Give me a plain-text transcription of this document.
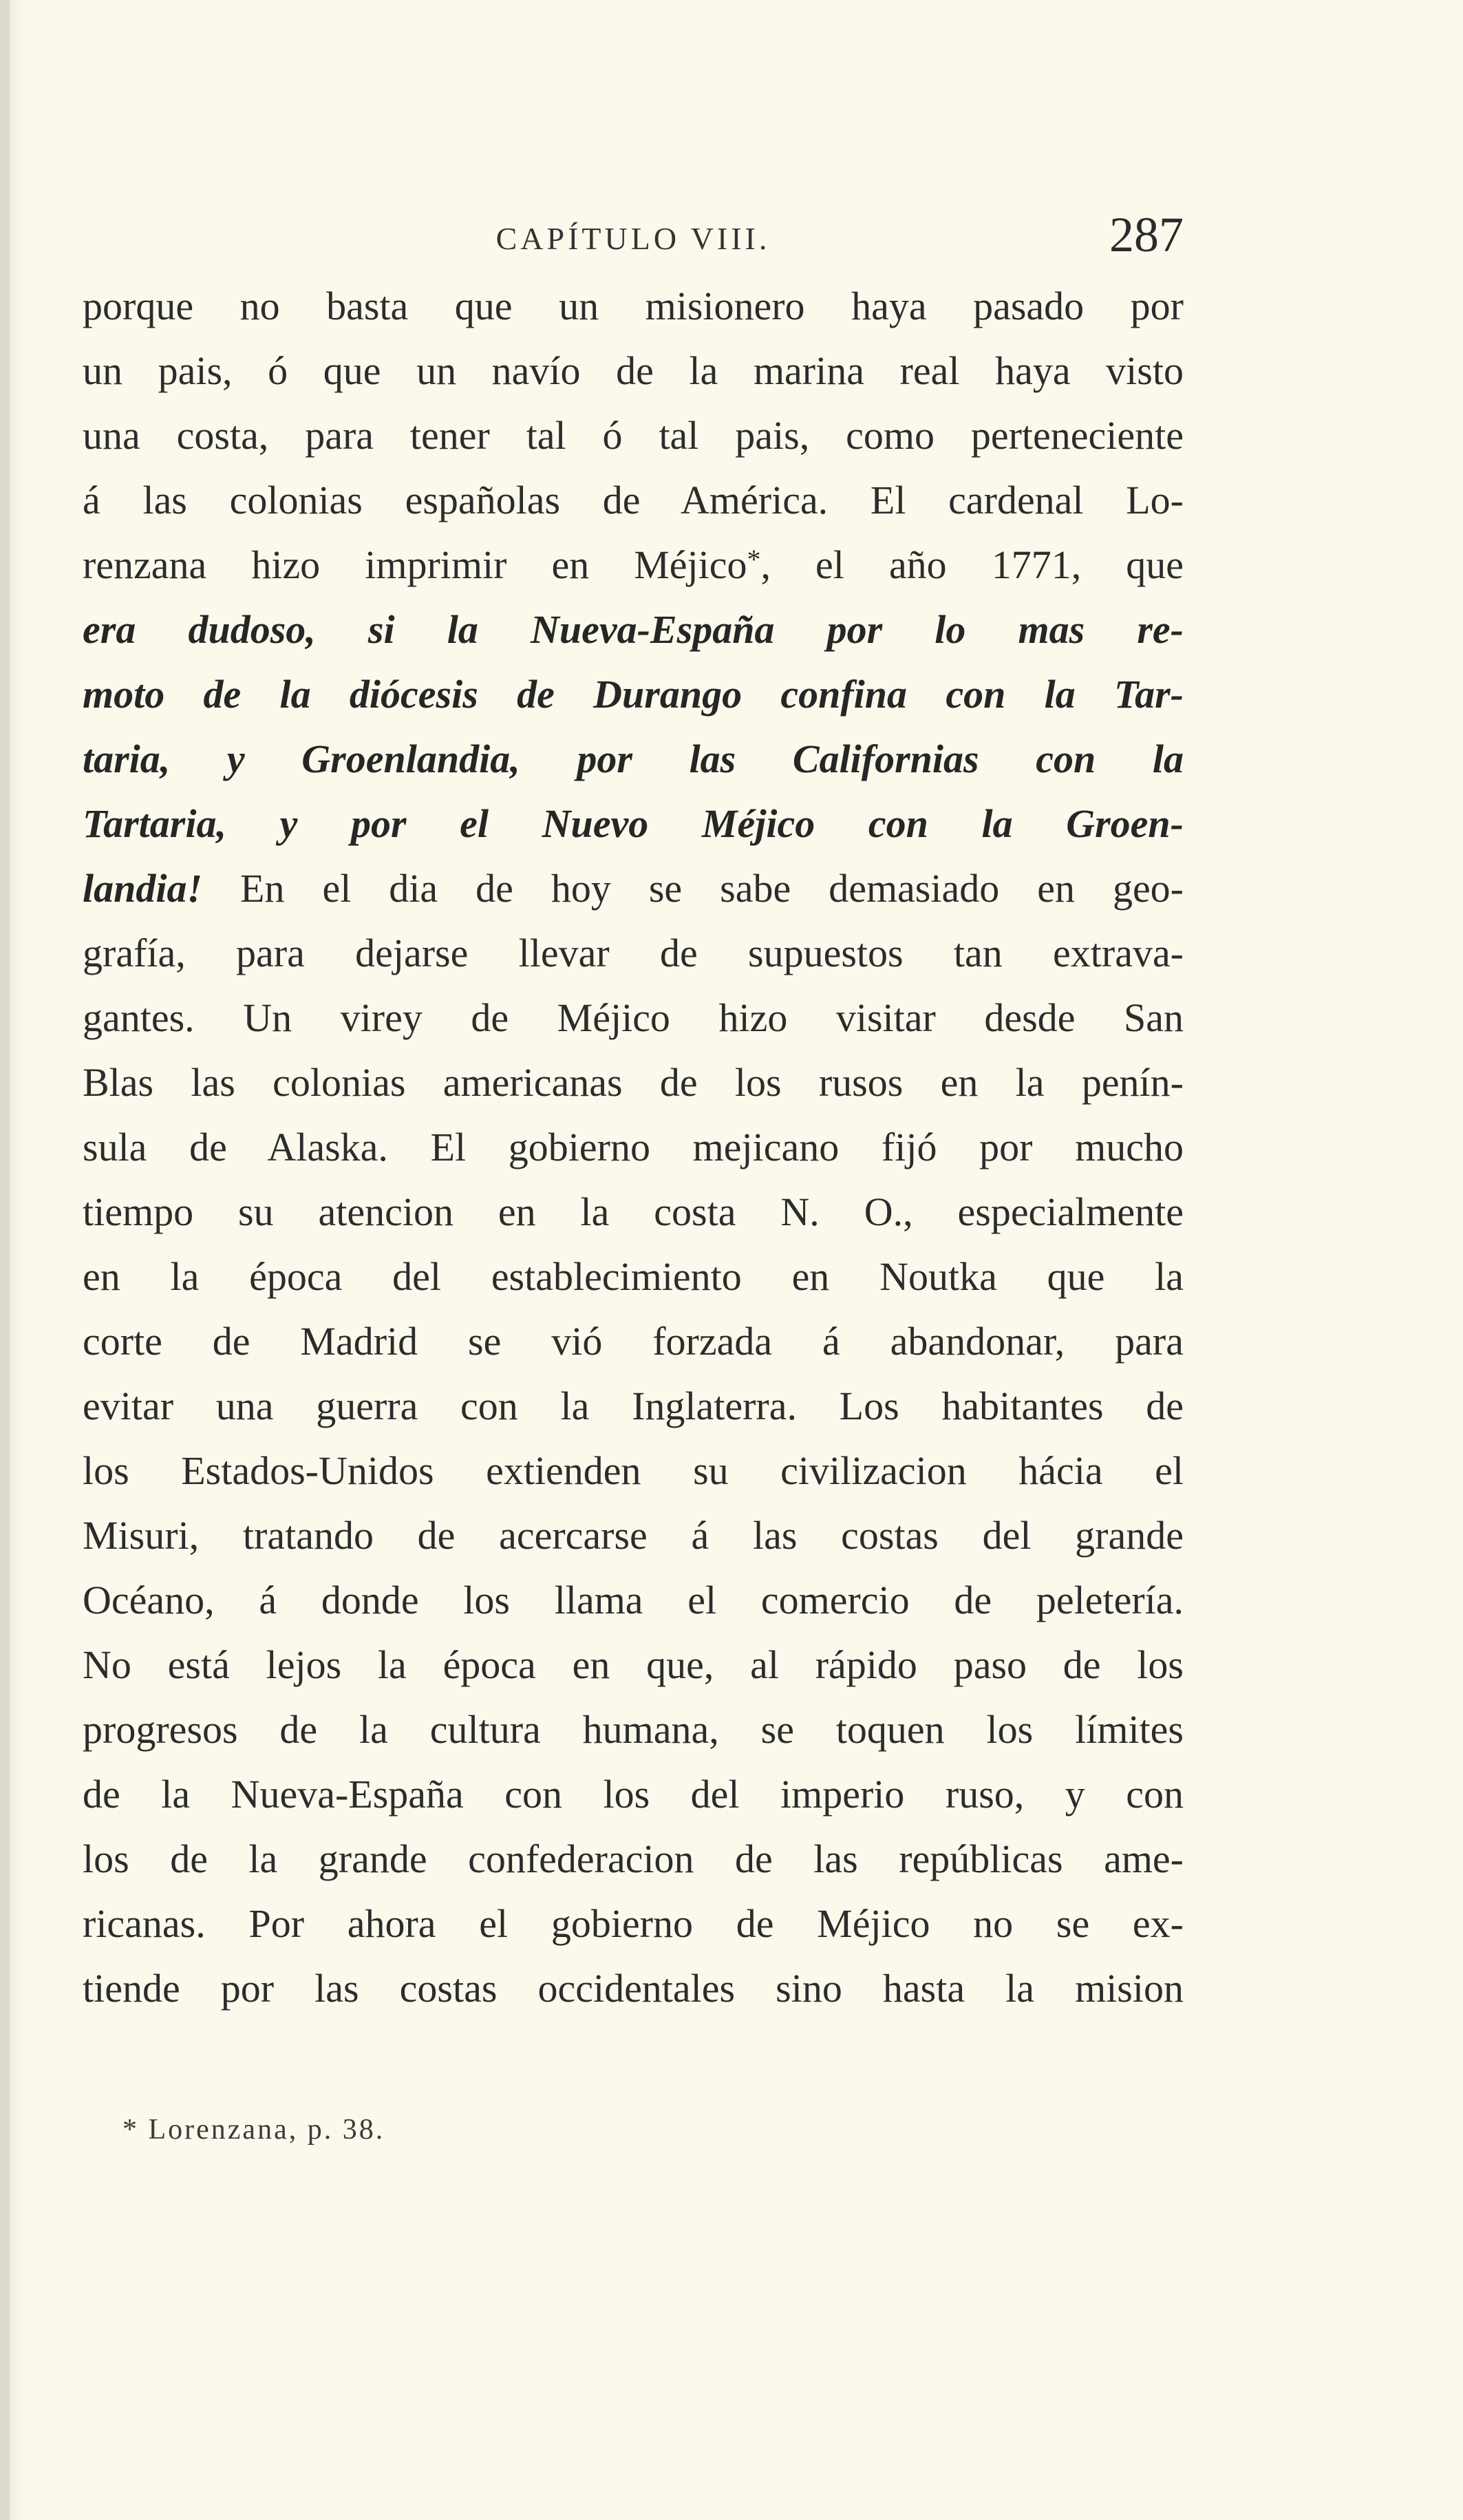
CAPÍTULO VIII.	287
porque no basta que un misionero haya pasado por
un pais, ó que un navío de la marina real haya visto
una costa, para tener tal ó tal pais, como perteneciente
á las colonias españolas de América. El cardenal Lo-
renzana hizo imprimir en Méjico*, el año 1771, que
era dudoso, si la Nueva-España por lo mas re-
moto de la diócesis de Durango confina con la Tar-
taria, y Groenlandia, por las Californias con la
Tartaria, y por el Nuevo Méjico con la Groen-
landia! En el dia de hoy se sabe demasiado en geo-
grafía, para dejarse llevar de supuestos tan extrava-
gantes. Un virey de Méjico hizo visitar desde San
Blas las colonias americanas de los rusos en la penín-
sula de Alaska. El gobierno mejicano fijó por mucho
tiempo su atencion en la costa N. O., especialmente
en la época del establecimiento en Noutka que la
corte de Madrid se vió forzada á abandonar, para
evitar una guerra con la Inglaterra. Los habitantes de
los Estados-Unidos extienden su civilizacion hácia el
Misuri, tratando de acercarse á las costas del grande
Océano, á donde los llama el comercio de peletería.
No está lejos la época en que, al rápido paso de los
progresos de la cultura humana, se toquen los límites
de la Nueva-España con los del imperio ruso, y con
los de la grande confederacion de las repúblicas ame-
ricanas. Por ahora el gobierno de Méjico no se ex-
tiende por las costas occidentales sino hasta la mision
* Lorenzana, p. 38.
